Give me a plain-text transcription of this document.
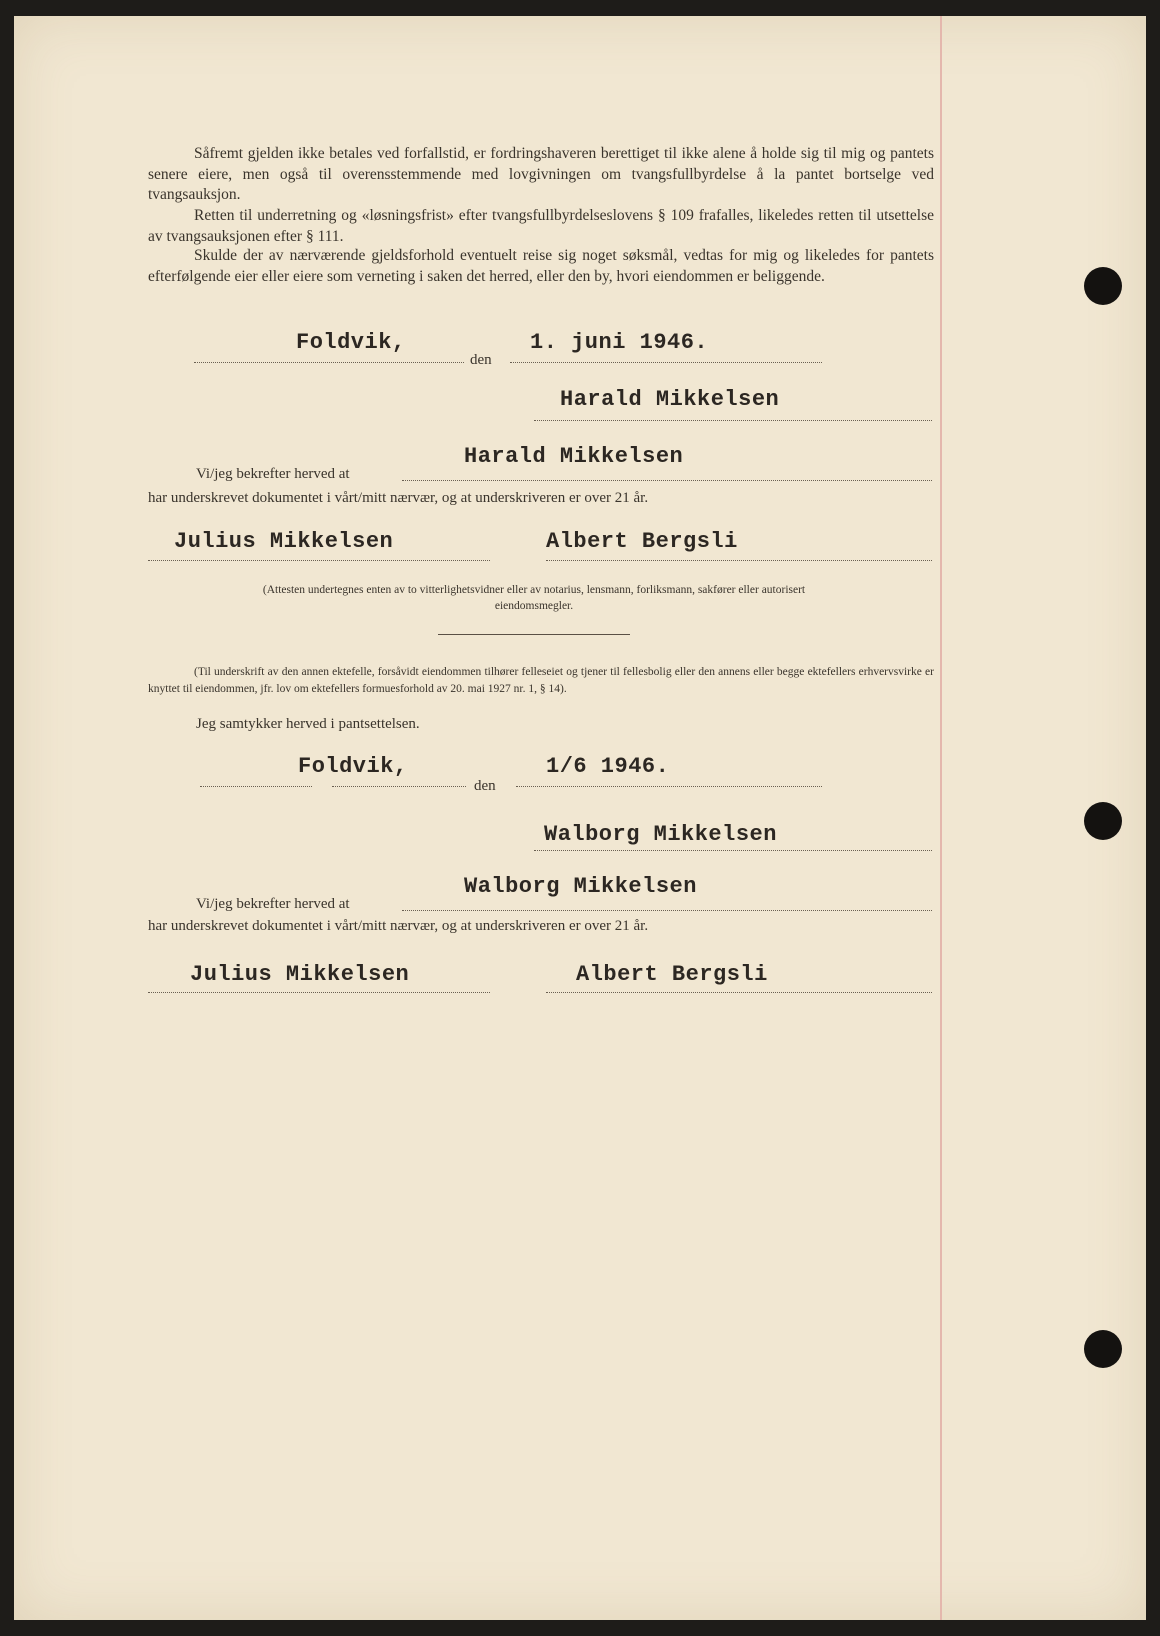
Såfremt gjelden ikke betales ved forfallstid, er fordringshaveren berettiget til ikke alene å holde sig til mig og pantets senere eiere, men også til overensstemmende med lovgivningen om tvangsfullbyrdelse å la pantet bortselge ved tvangsauksjon.

Retten til underretning og «løsningsfrist» efter tvangsfullbyrdelseslovens § 109 frafalles, likeledes retten til utsettelse av tvangsauksjonen efter § 111.

Skulde der av nærværende gjeldsforhold eventuelt reise sig noget søksmål, vedtas for mig og likeledes for pantets efterfølgende eier eller eiere som verneting i saken det herred, eller den by, hvori eiendommen er beliggende.

Foldvik,
den
1. juni 1946.
Harald Mikkelsen
Harald Mikkelsen
Vi/jeg bekrefter herved at
har underskrevet dokumentet i vårt/mitt nærvær, og at underskriveren er over 21 år.
Julius Mikkelsen	Albert Bergsli
(Attesten undertegnes enten av to vitterlighetsvidner eller av notarius, lensmann, forliksmann, sakfører eller autorisert eiendomsmegler.
(Til underskrift av den annen ektefelle, forsåvidt eiendommen tilhører felleseiet og tjener til fellesbolig eller den annens eller begge ektefellers erhvervsvirke er knyttet til eiendommen, jfr. lov om ektefellers formuesforhold av 20. mai 1927 nr. 1, § 14).
Jeg samtykker herved i pantsettelsen.
Foldvik,
den
1/6 1946.
Walborg Mikkelsen
Walborg Mikkelsen
Vi/jeg bekrefter herved at
har underskrevet dokumentet i vårt/mitt nærvær, og at underskriveren er over 21 år.
Julius Mikkelsen	Albert Bergsli
